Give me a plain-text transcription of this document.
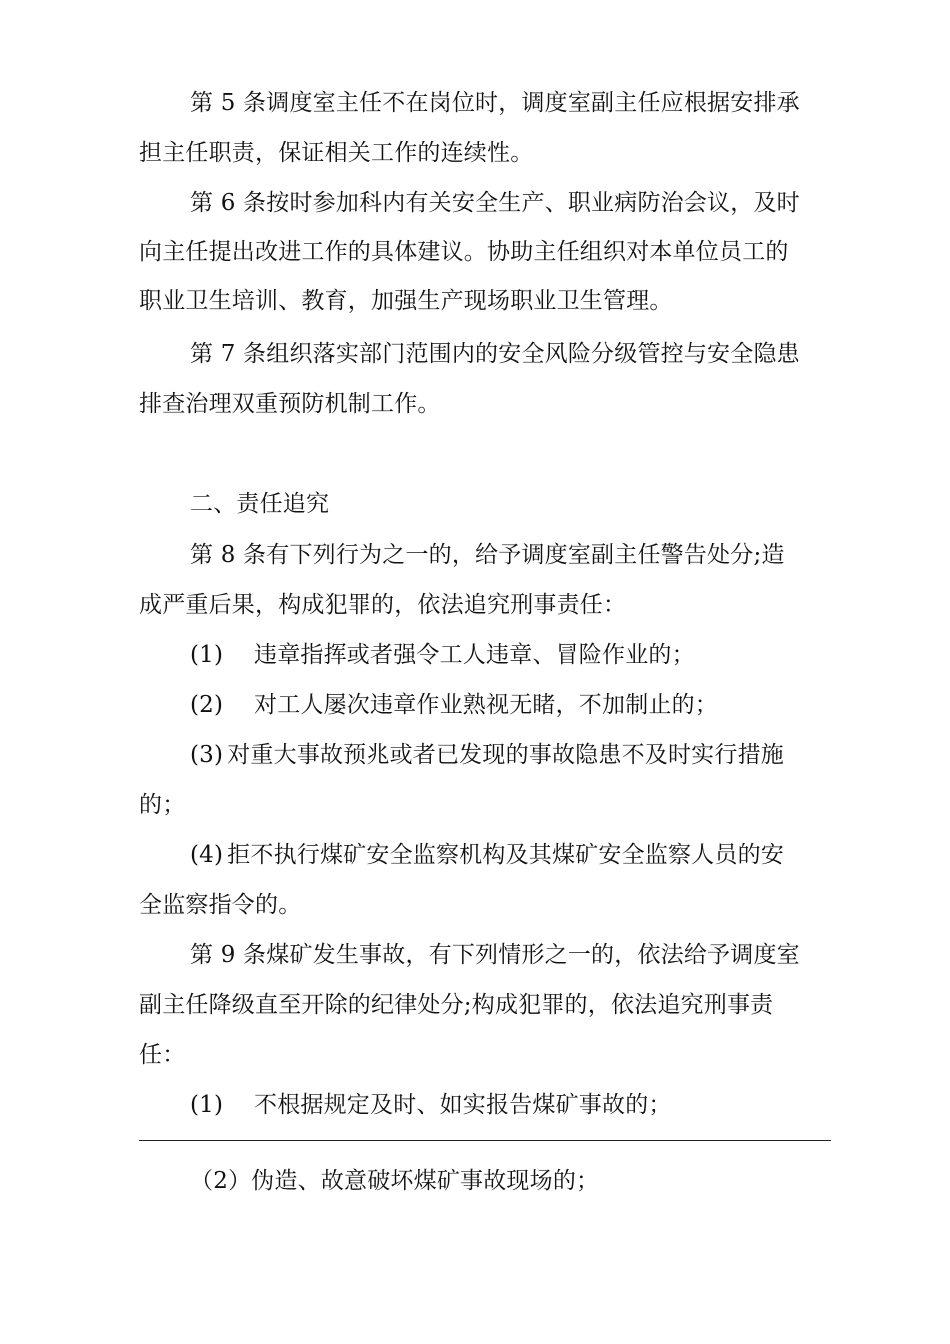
第 5 条调度室主任不在岗位时，调度室副主任应根据安排承
担主任职责，保证相关工作的连续性。
第 6 条按时参加科内有关安全生产、职业病防治会议，及时
向主任提出改进工作的具体建议。协助主任组织对本单位员工的
职业卫生培训、教育，加强生产现场职业卫生管理。
第 7 条组织落实部门范围内的安全风险分级管控与安全隐患
排查治理双重预防机制工作。
二、责任追究
第 8 条有下列行为之一的，给予调度室副主任警告处分;造
成严重后果，构成犯罪的，依法追究刑事责任：
(1) 违章指挥或者强令工人违章、冒险作业的；
(2) 对工人屡次违章作业熟视无睹，不加制止的；
(3) 对重大事故预兆或者已发现的事故隐患不及时实行措施
的；
(4) 拒不执行煤矿安全监察机构及其煤矿安全监察人员的安
全监察指令的。
第 9 条煤矿发生事故，有下列情形之一的，依法给予调度室
副主任降级直至开除的纪律处分;构成犯罪的，依法追究刑事责
任：
(1) 不根据规定及时、如实报告煤矿事故的；
（2）伪造、故意破坏煤矿事故现场的；
